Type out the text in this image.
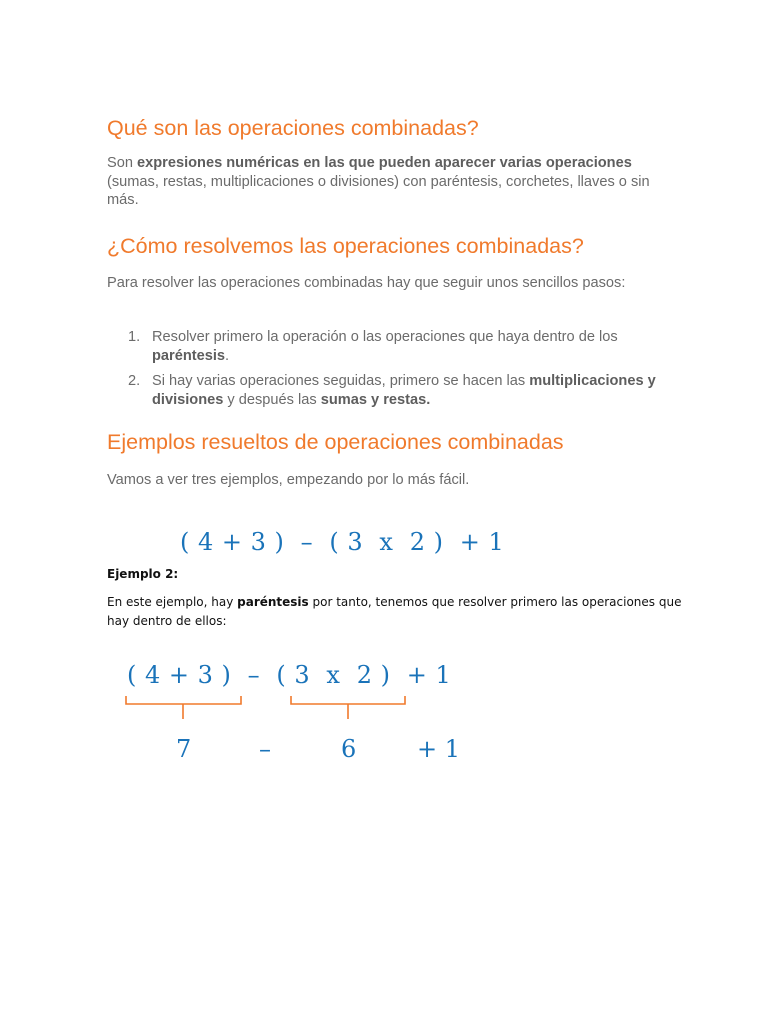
Qué son las operaciones combinadas?

Son expresiones numéricas en las que pueden aparecer varias operaciones (sumas, restas, multiplicaciones o divisiones) con paréntesis, corchetes, llaves o sin más.

¿Cómo resolvemos las operaciones combinadas?

Para resolver las operaciones combinadas hay que seguir unos sencillos pasos:

1. Resolver primero la operación o las operaciones que haya dentro de los paréntesis.
2. Si hay varias operaciones seguidas, primero se hacen las multiplicaciones y divisiones y después las sumas y restas.
Ejemplos resueltos de operaciones combinadas

Vamos a ver tres ejemplos, empezando por lo más fácil.

( 4 + 3 )  –  ( 3  x  2 )  + 1
Ejemplo 2:
En este ejemplo, hay paréntesis por tanto, tenemos que resolver primero las operaciones que hay dentro de ellos:
( 4 + 3 )  –  ( 3  x  2 )  + 1
7	–	6	+ 1
